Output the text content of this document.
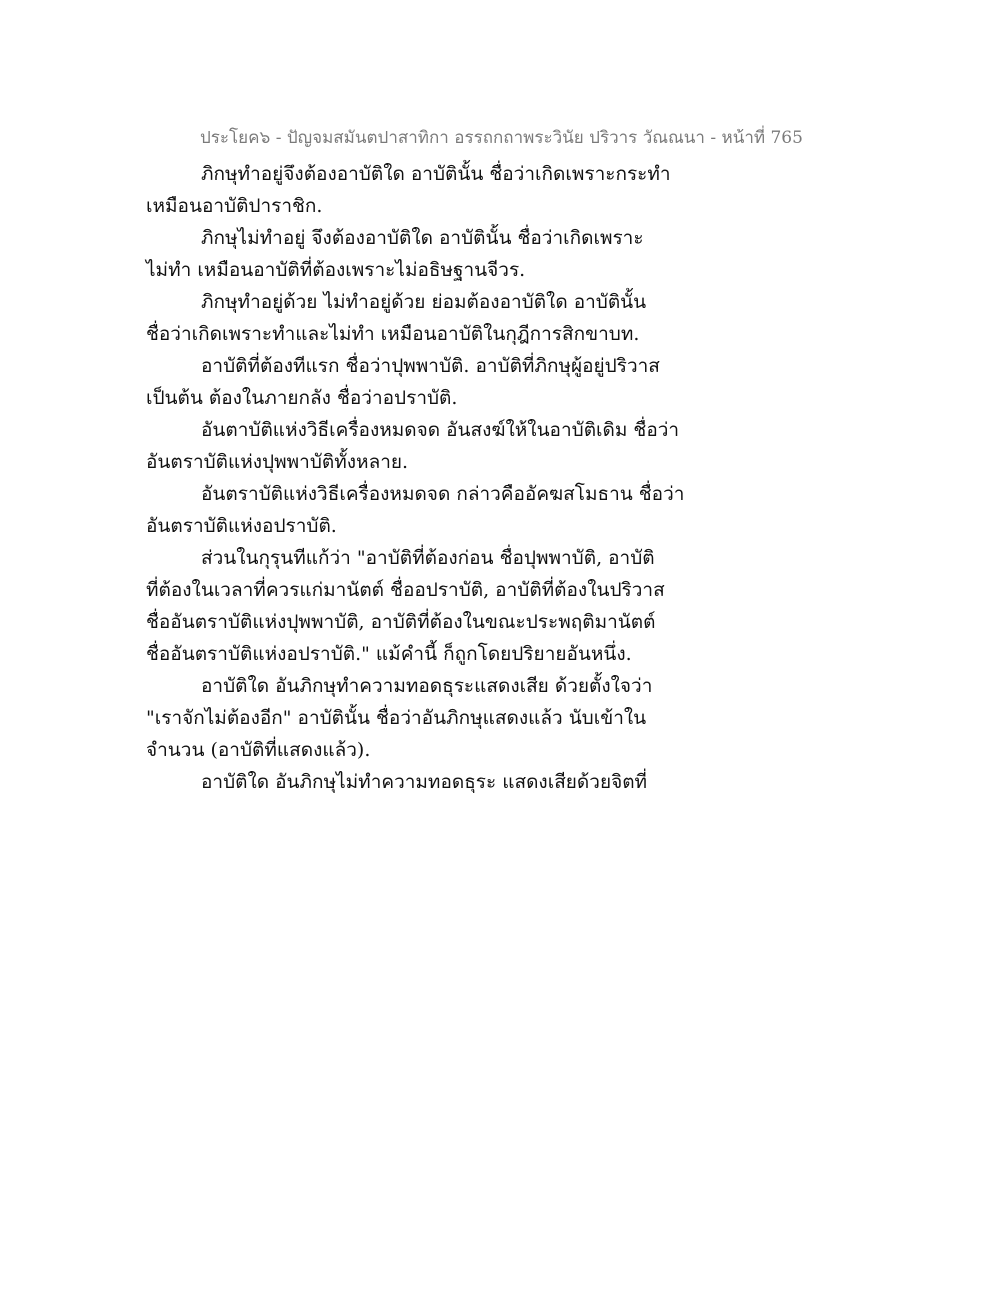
ประโยค๖ - ปัญจมสมันตปาสาทิกา อรรถกถาพระวินัย ปริวาร วัณณนา - หน้าที่ 765
ภิกษุทำอยู่จึงต้องอาบัติใด อาบัตินั้น ชื่อว่าเกิดเพราะกระทำ
เหมือนอาบัติปาราชิก.
ภิกษุไม่ทำอยู่ จึงต้องอาบัติใด อาบัตินั้น ชื่อว่าเกิดเพราะ
ไม่ทำ เหมือนอาบัติที่ต้องเพราะไม่อธิษฐานจีวร.
ภิกษุทำอยู่ด้วย ไม่ทำอยู่ด้วย ย่อมต้องอาบัติใด อาบัตินั้น
ชื่อว่าเกิดเพราะทำและไม่ทำ เหมือนอาบัติในกุฎีการสิกขาบท.
อาบัติที่ต้องทีแรก ชื่อว่าปุพพาบัติ. อาบัติที่ภิกษุผู้อยู่ปริวาส
เป็นต้น ต้องในภายกลัง ชื่อว่าอปราบัติ.
อันตาบัติแห่งวิธีเครื่องหมดจด อันสงฆ์ให้ในอาบัติเดิม ชื่อว่า
อันตราบัติแห่งปุพพาบัติทั้งหลาย.
อันตราบัติแห่งวิธีเครื่องหมดจด กล่าวคืออัคฆสโมธาน ชื่อว่า
อันตราบัติแห่งอปราบัติ.
ส่วนในกุรุนทีแก้ว่า "อาบัติที่ต้องก่อน ชื่อปุพพาบัติ, อาบัติ
ที่ต้องในเวลาที่ควรแก่มานัตต์ ชื่ออปราบัติ, อาบัติที่ต้องในปริวาส
ชื่ออันตราบัติแห่งปุพพาบัติ, อาบัติที่ต้องในขณะประพฤติมานัตต์
ชื่ออันตราบัติแห่งอปราบัติ." แม้คำนี้ ก็ถูกโดยปริยายอันหนึ่ง.
อาบัติใด อันภิกษุทำความทอดธุระแสดงเสีย ด้วยตั้งใจว่า
"เราจักไม่ต้องอีก" อาบัตินั้น ชื่อว่าอันภิกษุแสดงแล้ว นับเข้าใน
จำนวน (อาบัติที่แสดงแล้ว).
อาบัติใด อันภิกษุไม่ทำความทอดธุระ แสดงเสียด้วยจิตที่
